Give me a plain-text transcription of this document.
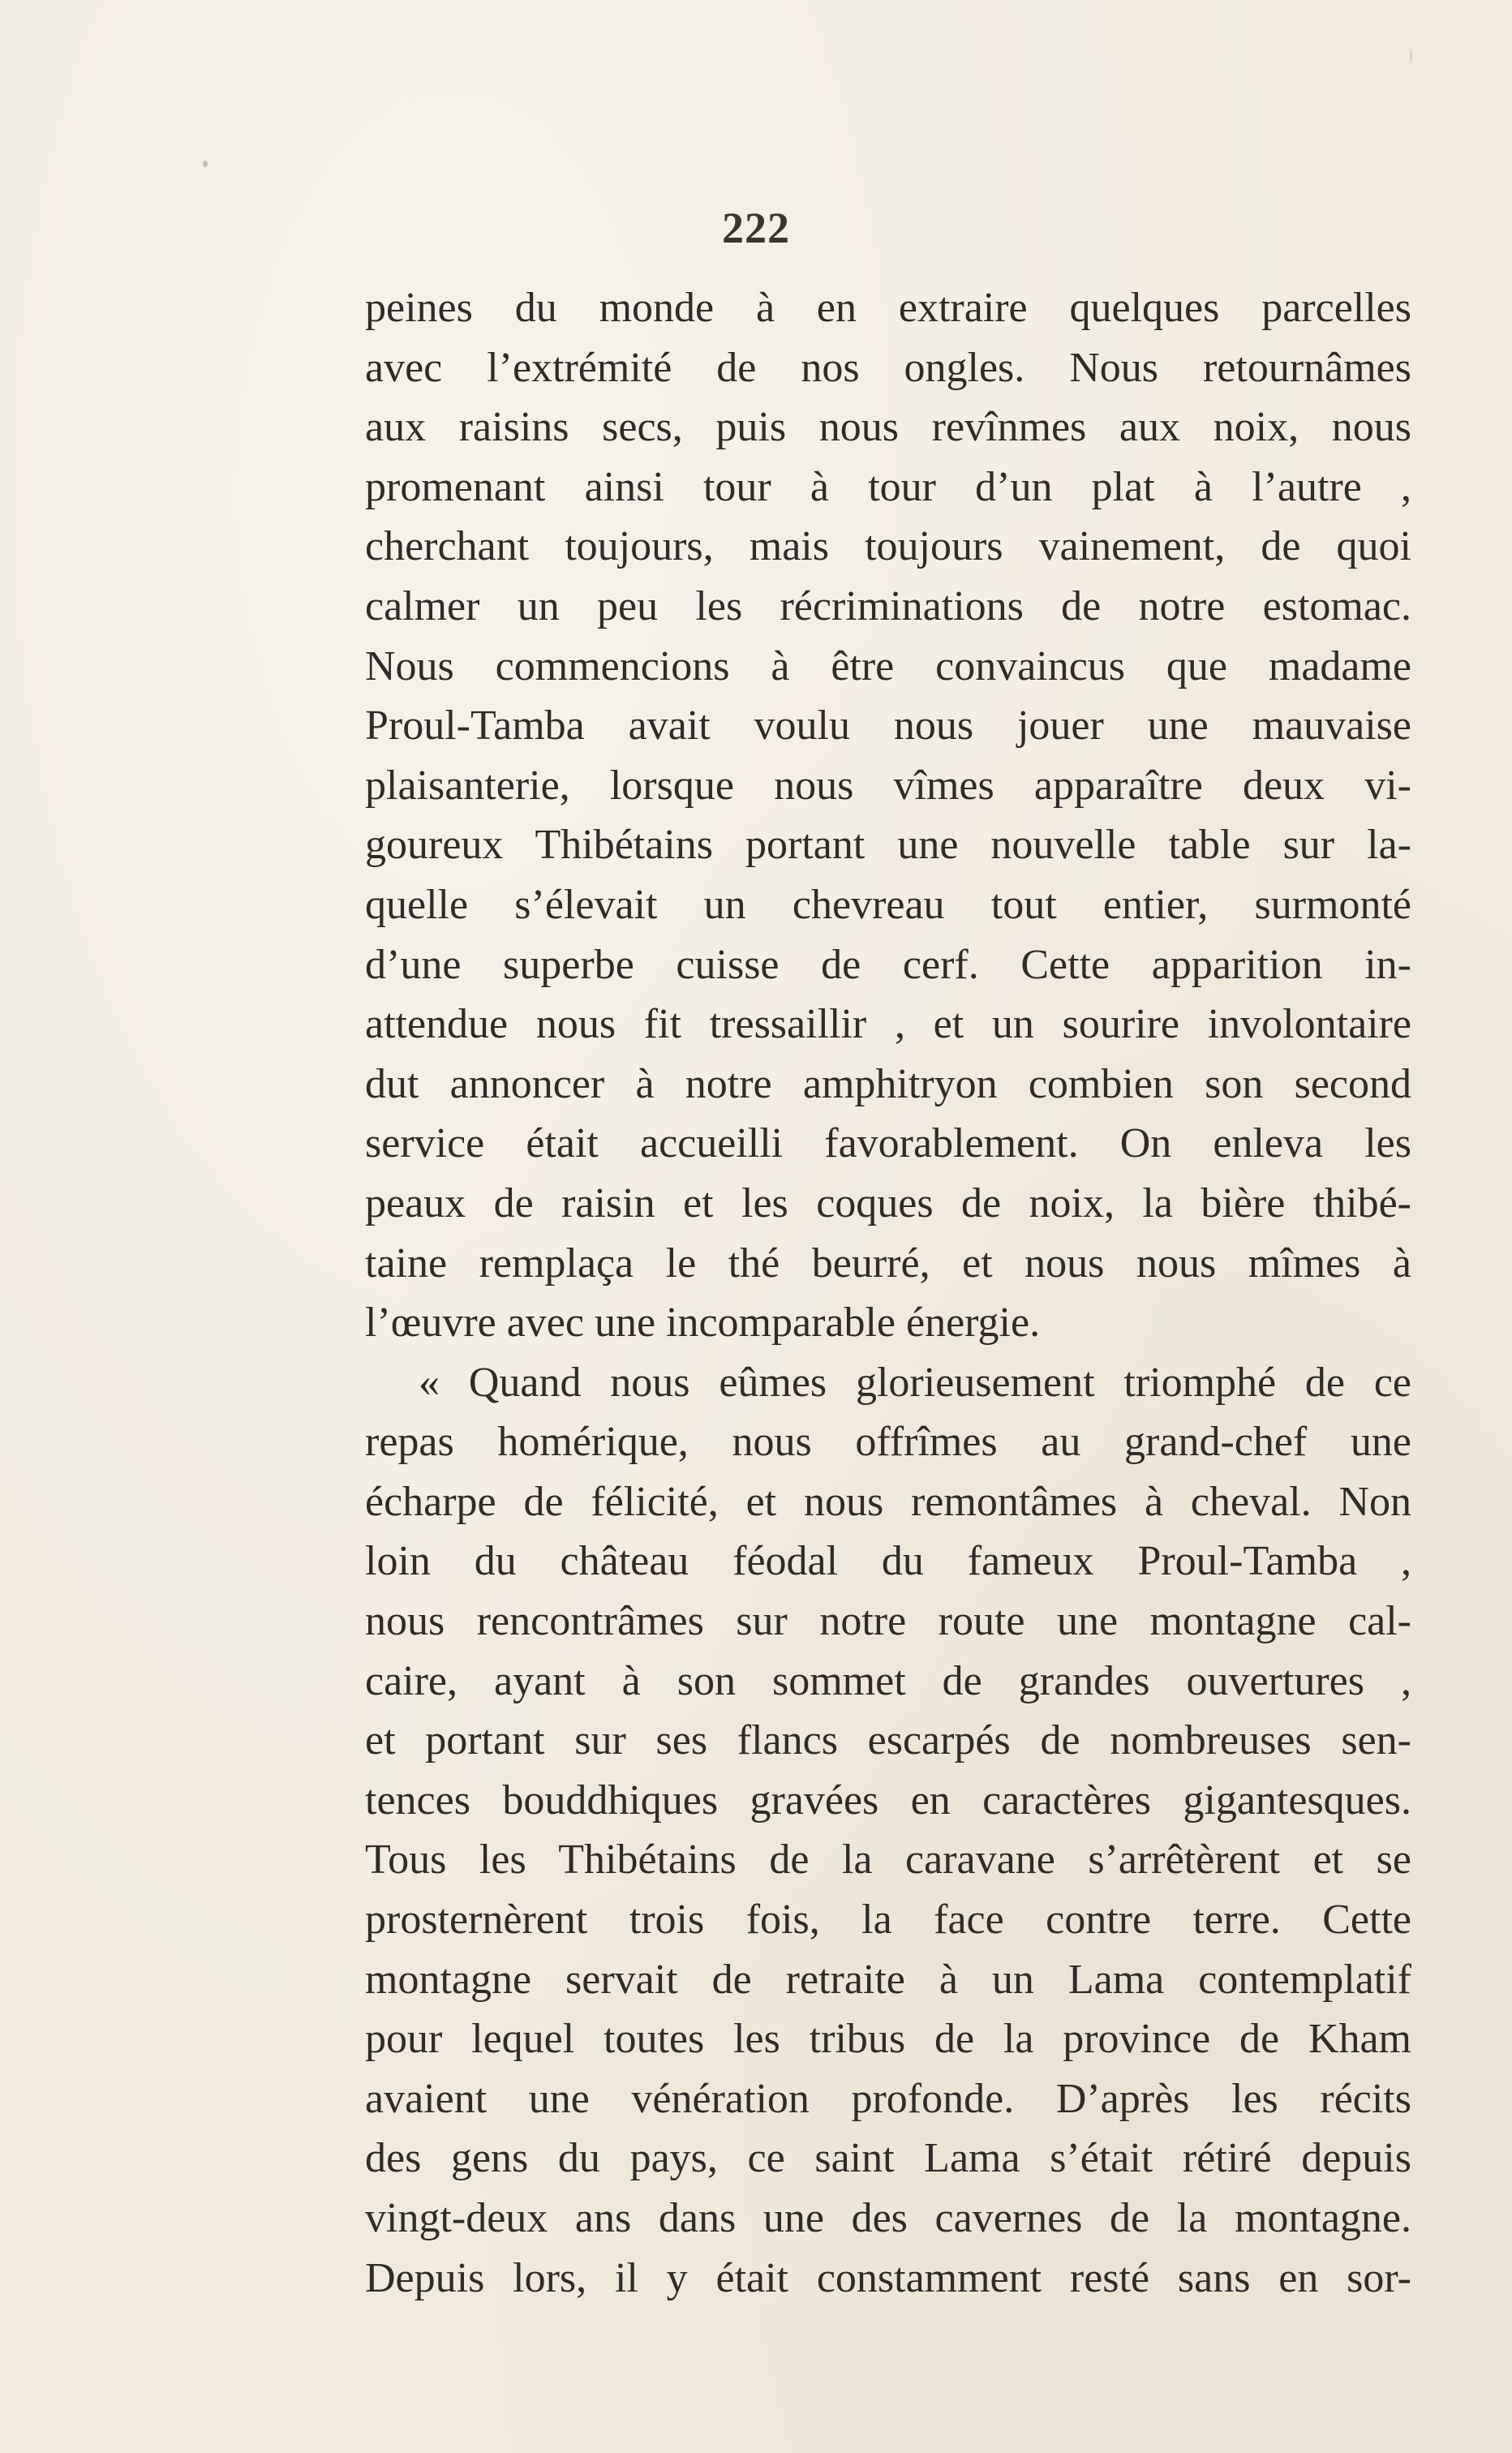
222
peines du monde à en extraire quelques parcelles
avec l’extrémité de nos ongles. Nous retournâmes
aux raisins secs, puis nous revînmes aux noix, nous
promenant ainsi tour à tour d’un plat à l’autre ,
cherchant toujours, mais toujours vainement, de quoi
calmer un peu les récriminations de notre estomac.
Nous commencions à être convaincus que madame
Proul-Tamba avait voulu nous jouer une mauvaise
plaisanterie, lorsque nous vîmes apparaître deux vi-
goureux Thibétains portant une nouvelle table sur la-
quelle s’élevait un chevreau tout entier, surmonté
d’une superbe cuisse de cerf. Cette apparition in-
attendue nous fit tressaillir , et un sourire involontaire
dut annoncer à notre amphitryon combien son second
service était accueilli favorablement. On enleva les
peaux de raisin et les coques de noix, la bière thibé-
taine remplaça le thé beurré, et nous nous mîmes à
l’œuvre avec une incomparable énergie.
« Quand nous eûmes glorieusement triomphé de ce
repas homérique, nous offrîmes au grand-chef une
écharpe de félicité, et nous remontâmes à cheval. Non
loin du château féodal du fameux Proul-Tamba ,
nous rencontrâmes sur notre route une montagne cal-
caire, ayant à son sommet de grandes ouvertures ,
et portant sur ses flancs escarpés de nombreuses sen-
tences bouddhiques gravées en caractères gigantesques.
Tous les Thibétains de la caravane s’arrêtèrent et se
prosternèrent trois fois, la face contre terre. Cette
montagne servait de retraite à un Lama contemplatif
pour lequel toutes les tribus de la province de Kham
avaient une vénération profonde. D’après les récits
des gens du pays, ce saint Lama s’était rétiré depuis
vingt-deux ans dans une des cavernes de la montagne.
Depuis lors, il y était constamment resté sans en sor-
